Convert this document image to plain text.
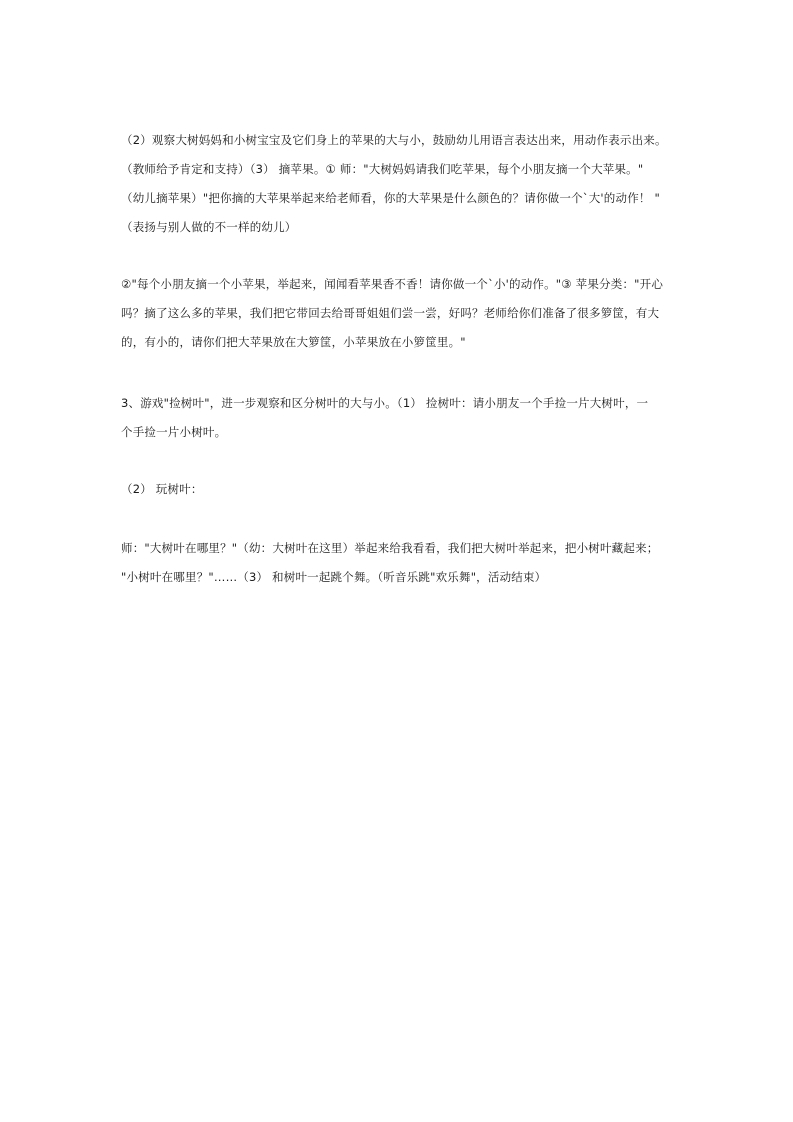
（2）观察大树妈妈和小树宝宝及它们身上的苹果的大与小，鼓励幼儿用语言表达出来，用动作表示出来。
（教师给予肯定和支持）（3） 摘苹果。① 师："大树妈妈请我们吃苹果，每个小朋友摘一个大苹果。"
（幼儿摘苹果）"把你摘的大苹果举起来给老师看，你的大苹果是什么颜色的？请你做一个`大'的动作！ "
（表扬与别人做的不一样的幼儿）

②"每个小朋友摘一个小苹果，举起来，闻闻看苹果香不香！请你做一个`小'的动作。"③ 苹果分类："开心
吗？摘了这么多的苹果，我们把它带回去给哥哥姐姐们尝一尝，好吗？老师给你们准备了很多箩筐，有大
的，有小的，请你们把大苹果放在大箩筐，小苹果放在小箩筐里。"

3、游戏"捡树叶"，进一步观察和区分树叶的大与小。（1） 捡树叶：请小朋友一个手捡一片大树叶，一
个手捡一片小树叶。

（2） 玩树叶：

师："大树叶在哪里？"（幼：大树叶在这里）举起来给我看看，我们把大树叶举起来，把小树叶藏起来；
"小树叶在哪里？"……（3） 和树叶一起跳个舞。（听音乐跳"欢乐舞"，活动结束）
